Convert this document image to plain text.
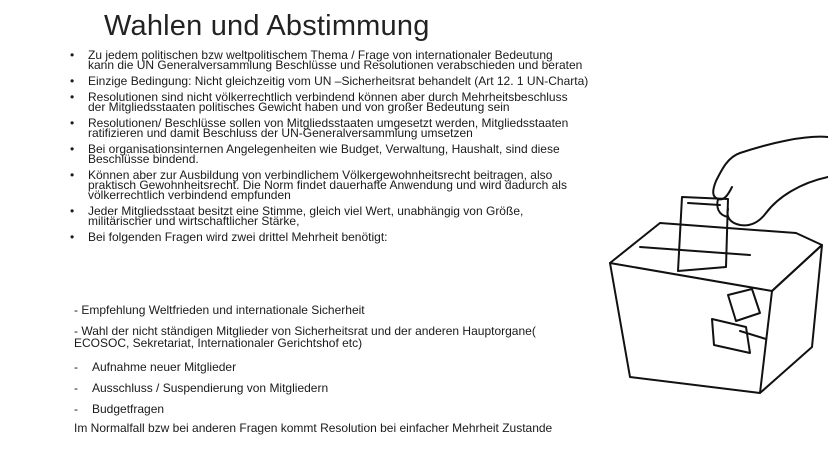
Wahlen und Abstimmung
• Zu jedem politischen bzw weltpolitischem Thema / Frage von internationaler Bedeutung
kann die UN Generalversammlung Beschlüsse und Resolutionen verabschieden und beraten
• Einzige Bedingung: Nicht gleichzeitig vom UN –Sicherheitsrat behandelt (Art 12. 1 UN-Charta)
• Resolutionen sind nicht völkerrechtlich verbindend können aber durch Mehrheitsbeschluss
der Mitgliedsstaaten politisches Gewicht haben und von großer Bedeutung sein
• Resolutionen/ Beschlüsse sollen von Mitgliedsstaaten umgesetzt werden, Mitgliedsstaaten
ratifizieren und damit Beschluss der UN-Generalversammlung umsetzen
• Bei organisationsinternen Angelegenheiten wie Budget, Verwaltung, Haushalt, sind diese
Beschlüsse bindend.
• Können aber zur Ausbildung von verbindlichem Völkergewohnheitsrecht beitragen, also
praktisch Gewohnheitsrecht. Die Norm findet dauerhafte Anwendung und wird dadurch als
völkerrechtlich verbindend empfunden
• Jeder Mitgliedsstaat besitzt eine Stimme, gleich viel Wert, unabhängig von Größe,
militärischer und wirtschaftlicher Stärke,
• Bei folgenden Fragen wird zwei drittel Mehrheit benötigt:
- Empfehlung Weltfrieden und internationale Sicherheit
- Wahl der nicht ständigen Mitglieder von Sicherheitsrat und der anderen Hauptorgane(
ECOSOC, Sekretariat, Internationaler Gerichtshof etc)
- Aufnahme neuer Mitglieder
- Ausschluss / Suspendierung von Mitgliedern
- Budgetfragen
Im Normalfall bzw bei anderen Fragen kommt Resolution bei einfacher Mehrheit Zustande
